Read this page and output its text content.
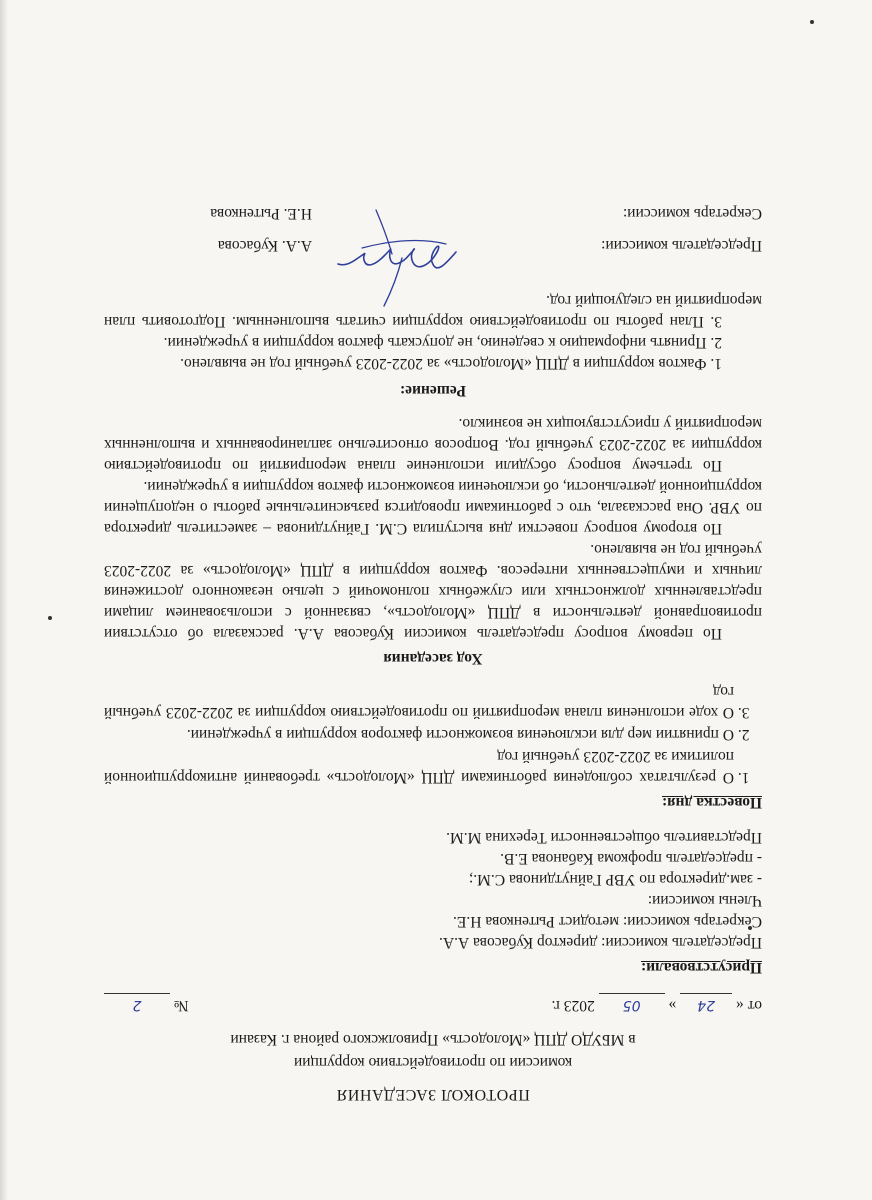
ПРОТОКОЛ ЗАСЕДАНИЯ
комиссии по противодействию коррупции
в МБУДО ДПЦ «Молодость» Приволжского района г. Казани
от « 24 » 05 2023 г.
№ 2
Присутствовали:

Председатель комиссии: директор Кубасова А.А.

Секретарь комиссии: методист Рытенкова Н.Е.

Члены комиссии:

- зам.директора по УВР Гайнутдинова С.М.;

- председатель профкома Кабанова Е.В.

Представитель общественности Терехина М.М.

Повестка дня:
1. О результатах соблюдения работниками ДПЦ «Молодость» требований антикоррупционной политики за 2022-2023 учебный год
2. О принятии мер для исключения возможности факторов коррупции в учреждении.
3. О ходе исполнения плана мероприятий по противодействию коррупции за 2022-2023 учебный год
Ход заседания

По первому вопросу председатель комиссии Кубасова А.А. рассказала об отсутствии противоправной деятельности в ДПЦ «Молодость», связанной с использованием лицами представленных должностных или служебных полномочий с целью незаконного достижения личных и имущественных интересов. Фактов коррупции в ДПЦ «Молодость» за 2022-2023 учебный год не выявлено.

По второму вопросу повестки дня выступила С.М. Гайнутдинова – заместитель директора по УВР. Она рассказала, что с работниками проводится разъяснительные работы о недопущении коррупционной деятельности, об исключении возможности фактов коррупции в учреждении.

По третьему вопросу обсудили исполнение плана мероприятий по противодействию коррупции за 2022-2023 учебный год. Вопросов относительно запланированных и выполненных мероприятий у присутствующих не возникло.

Решение:

1. Фактов коррупции в ДПЦ «Молодость» за 2022-2023 учебный год не выявлено.

2. Принять информацию к сведению, не допускать фактов коррупции в учреждении.

3. План работы по противодействию коррупции считать выполненным. Подготовить план мероприятий на следующий год.

Председатель комиссии:
А.А. Кубасова
Секретарь комиссии:
Н.Е. Рытенкова
